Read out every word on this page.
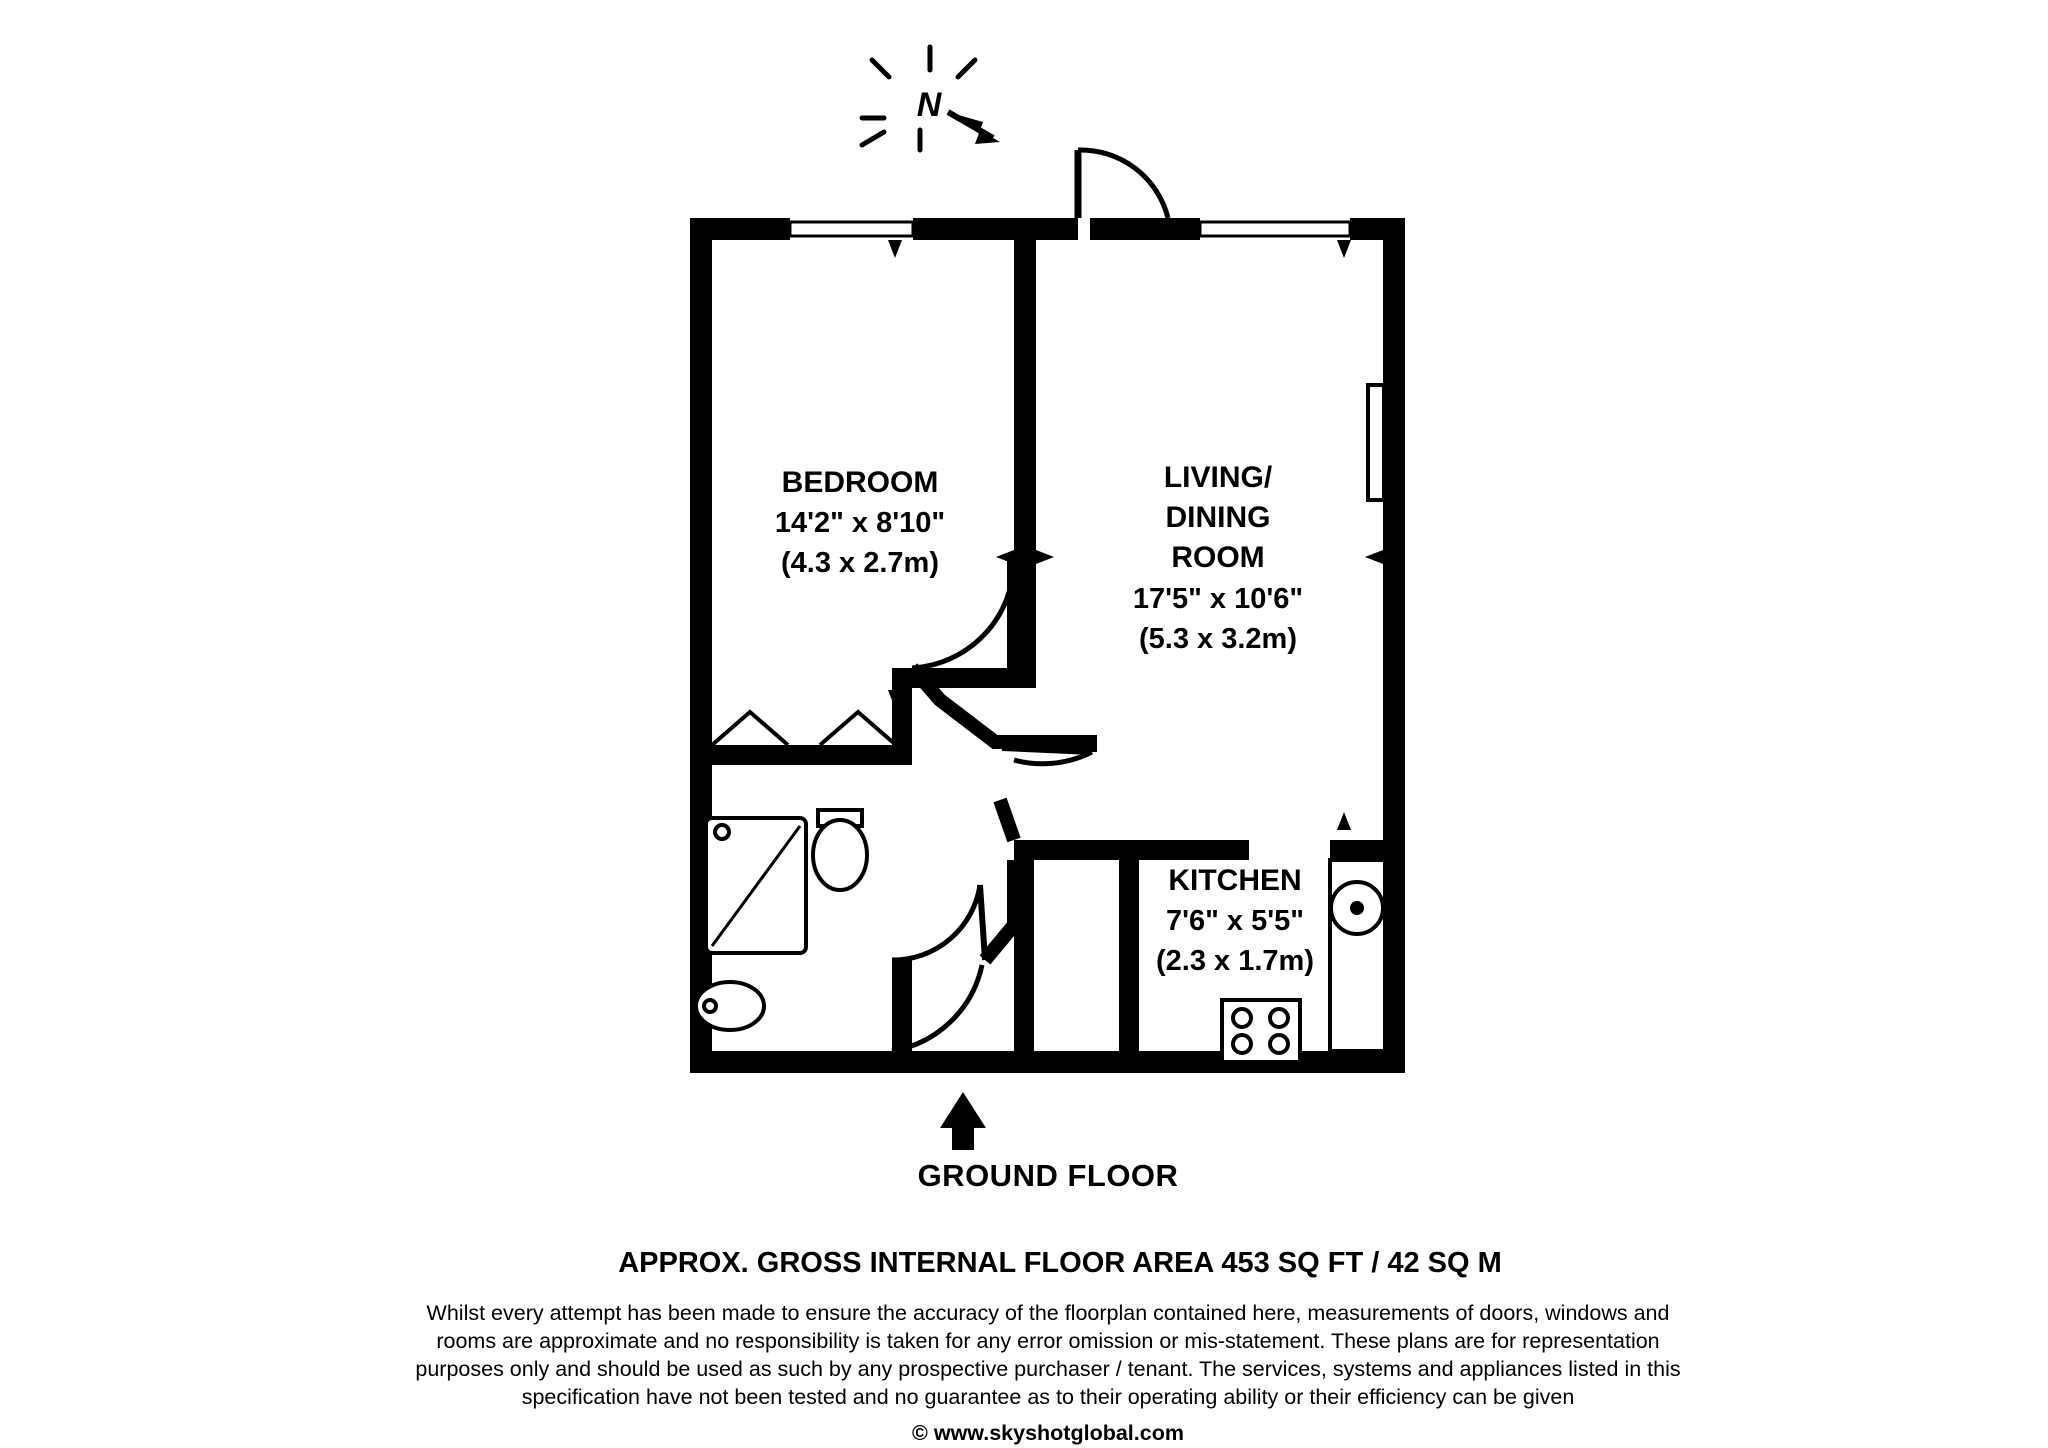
N
BEDROOM
14'2" x 8'10"
(4.3 x 2.7m)
LIVING/
DINING
ROOM
17'5" x 10'6"
(5.3 x 3.2m)
KITCHEN
7'6" x 5'5"
(2.3 x 1.7m)
GROUND FLOOR
APPROX. GROSS INTERNAL FLOOR AREA 453 SQ FT / 42 SQ M
Whilst every attempt has been made to ensure the accuracy of the floorplan contained here, measurements of doors, windows and
rooms are approximate and no responsibility is taken for any error omission or mis-statement. These plans are for representation
purposes only and should be used as such by any prospective purchaser / tenant. The services, systems and appliances listed in this
specification have not been tested and no guarantee as to their operating ability or their efficiency can be given
© www.skyshotglobal.com
